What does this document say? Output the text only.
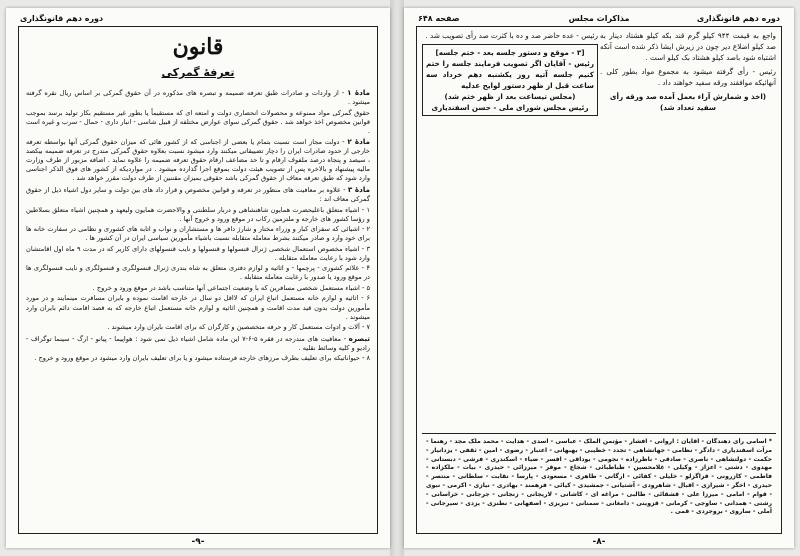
دوره دهم قانونگذاری
قانون
تعرفهٔ گمرکی

مادهٔ ۱ - از واردات و صادرات طبق تعرفه ضمیمه و تبصره های مذکوره در آن حقوق گمرکی بر اساس ریال نقره گرفته میشود .

حقوق گمرکی مواد ممنوعه و محصولات انحصاری دولت و امتعه ای که مستقیماً یا بطور غیر مستقیم بکار تولید برسد بموجب قوانین مخصوص اخذ خواهد شد . حقوق گمرکی سوای عوارض مختلفه از قبیل شاسی - انبار داری - حمال - سرب و غیره است .

مادهٔ ۲ - دولت مجاز است نسبت بتمام یا بعضی از اجناسی که از کشور هائی که میزان حقوق گمرکی آنها بواسطه تعرفه خارجی از حدود صادرات ایران را دچار تضییقاتی میکنند وارد میشود نسبت بعلاوه حقوق گمرکی مندرج در تعرفه ضمیمه بیکصد ، سیصد و پنجاه درصد ملفوف ارقام و تا حد مضاعف ارقام حقوق تعرفه ضمیمه را علاوه نماید . اضافه مزبور از طرف وزارت مالیه پیشنهاد و بالاخره پس از تصویب هیئت دولت بموقع اجرا گذارده میشود . در مواردیکه از کشور های فوق الذکر اجناسی وارد شود که طبق تعرفه معاف از حقوق گمرکی باشد حقوقی بمیزان مقننین از طرف دولت مقرر خواهد شد .

مادهٔ ۳ - علاوه بر معافیت های منظور در تعرفه و قوانین مخصوص و قرار داد های بین دولت و سایر دول اشیاء ذیل از حقوق گمرکی معاف اند :

۱ - اشیاء متعلق باعلیحضرت همایون شاهنشاهی و دربار سلطنتی و والاحضرت همایون ولیعهد و همچنین اشیاء متعلق بسلاطین و رؤسا کشور های خارجه و ملتزمین رکاب در موقع ورود و خروج آنها .

۲ - اشیائی که سفرای کبار و وزراء مختار و شارژ دافر ها و مستشاران و نواب و اتابه های کشوری و نظامی در سفارت خانه ها برای خود وارد و صادر میکنند بشرط معامله متقابله نسبت باشیاء مأمورین سیاسی ایران در آن کشور ها .

۳ - اشیاء مخصوص استعمال شخصی ژنرال قنسولها و قنسولها و نایب قنسولهای دارای کاریر که در مدت ۹ ماه اول اقامتشان وارد شود با رعایت معامله متقابله .

۴ - علائم کشوری - پرچمها - و اثاثیه و لوازم دفتری متعلق به شاه بندری ژنرال قنسولگری و قنسولگری و نایب قنسولگری ها در موقع ورود یا صدور با رعایت معامله متقابله .

۵ - اشیاء مستعمل شخصی مسافرین که با وضعیت اجتماعی آنها متناسب باشد در موقع ورود و خروج .

۶ - اثاثیه و لوازم خانه مستعمل اتباع ایران که لااقل دو سال در خارجه اقامت نموده و بایران مسافرت مینمایند و در مورد مأمورین دولت بدون قید مدت اقامت و همچنین اثاثیه و لوازم خانه مستعمل اتباع خارجه که به قصد اقامت دائم بایران وارد میشوند .

۷ - آلات و ادوات مستعمل کار و حرفه متخصصین و کارگران که برای اقامت بایران وارد میشوند .

تبصره - معافیت های مندرجه در فقره ۵-۶-۷ این ماده شامل اشیاء ذیل نمی شود : هواپیما - پیانو - ارگ - سینما توگراف - رادیو و کلیه وسائط نقلیه .

۸ - حیواناتیکه برای تعلیف بطرف مرزهای خارجه فرستاده میشود و یا برای تعلیف بایران وارد میشود در موقع ورود و خروج .

-۹-
دوره دهم قانونگذاری
مذاکرات مجلس
صفحه ۶۴۸

واجع به قیمت ۹۴۴ کیلو گرم قند بکه کیلو هشتاد دینار به صد کیلو اضلاع دیر چون در زیرش ایشا ذکر شده است آنکه اشتباه شود باصد کیلو هشتاد بک کیلو است .

رئیس - رأی گرفته میشود به مجموع مواد بطور کلی . آنهائیکه موافقند ورقه سفید خواهند داد .

(اخذ و شمارش آراء بعمل آمده صد ورقه رأی سفید تعداد شد)

رئیس - عده حاضر صد و ده با کثرت صد رأی تصویب شد .

[۳ - موقع و دستور جلسه بعد - ختم جلسه]

رئیس - آقایان اگر تصویب فرمایند جلسه را ختم کنیم جلسه آتیه روز یکشنبه دهم خرداد سه ساعت قبل از ظهر دستور لوایح عدلیه

(مجلس تیساعت بعد از ظهر ختم شد)

رئیس مجلس شورای ملی - حسن اسفندیاری

* اسامی رأی دهندگان - آقایان : اروانی - افشار - مؤتمن الملک - عباسی - اسدی - هدایت - محمد ملک مجد - رهنما - مرآت اسفندیاری - دادگر - نظامی - جهانشاهی - تجدد - خطیبی - بهبهانی - اعتبار - رضوی - امین - ثقفی - یزدانیار - حکمت - دولتشاهی - ناصری - صادقی - ناظرزاده - نجومی - بوداقی - افسر - ضیاء - اسکندری - فرشی - دبستانی - مهدوی - دشتی - اعزاز - وکیلی - غلامحسین - طباطبائی - شجاع - موقر - میرزائی - حیدری - بیات - ملکزاده - فاطمی - کازرونی - قراگزلو - خلیلی - کفائی - ارگانی - طاهری - مسعودی - پارسا - نقابت - سلطانی - منتصر - حیدری - اخگر - شیرازی - اقبال - شاهرودی - آشتیانی - جمشیدی - کیائی - فرهمند - بهادری - نیازی - اکرمی - نبوی - قوام - امامی - میرزا علی - قشقائی - طالبی - مراغه ای - کاشانی - لاریجانی - زنجانی - جرجانی - خراسانی - رشتی - همدانی - ساوجی - کرمانی - قزوینی - دامغانی - سمنانی - تبریزی - اصفهانی - نطنزی - یزدی - سیرجانی - آملی - ساروی - بروجردی - قمی .
-۸-
